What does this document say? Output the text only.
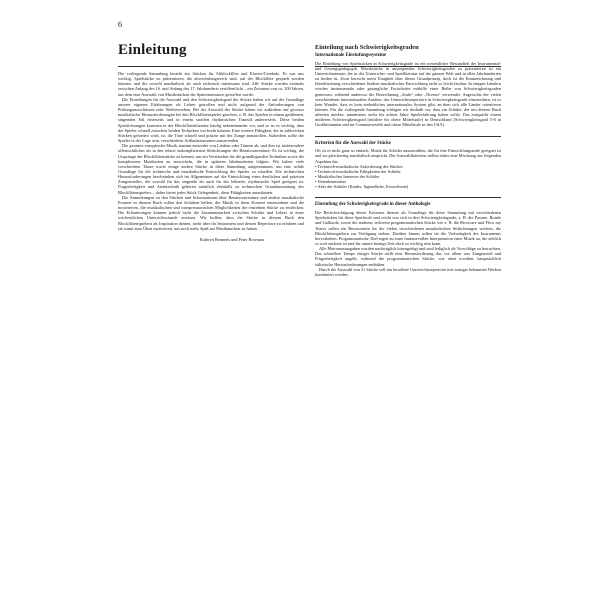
6
Einleitung

Die vorliegende Sammlung besteht aus Stücken für Altblockflöte und Klavier/Cembalo. Es war uns wichtig, Spielstücke zu präsentieren, die abwechslungsreich sind, auf der Blockflöte gespielt werden können, und die sowohl musikalisch als auch technisch interessant sind. Alle Stücke wurden erstmals zwischen Anfang des 16. und Anfang des 17. Jahrhunderts veröffentlicht – ein Zeitraum von ca. 100 Jahren, aus dem eine Auswahl von Musikstücken der Spätrenaissance getroffen wurde.

Die Einteilungen für die Auswahl und den Schwierigkeitsgrad der Stücke haben wir auf der Grundlage unserer eigenen Erfahrungen als Lehrer getroffen und nicht aufgrund der Anforderungen von Prüfungsausschüssen oder Wettbewerben. Bei der Auswahl der Stücke haben wir außerdem auf gewisse musikalische Herausforderungen bei den Blockflötenspieler geachtet, z. B. das Spielen in einem gedehnten, singenden Stil einerseits und in einem straffen rhythmischen Tanzstil andererseits. Diese beiden Spielrichtungen kommen in der Blockflötenliteratur häufig nebeneinander vor, und so ist es wichtig, dass der Spieler schnell zwischen beiden Techniken wechseln können. Eine weitere Fähigkeit, die in zahlreichen Stücken gefordert wird, ist, die Töne schnell und präzise mit der Zunge anzustoßen. Außerdem sollte der Spieler in der Lage sein, verschiedene Artikulationsarten anzuwenden.

Die gesamte europäische Musik stammt entweder von Liedern oder Tänzen ab, und dies ist insbesondere offensichtlicher als in den relativ unkomplizierten Stilrichtungen der Renaissancetänze. Es ist wichtig, die Ursprünge der Blockflötenstücke zu kennen, um ein Verständnis für die grundlegenden Techniken sowie die komplexeren Musikarten zu entwickeln, die in späteren Jahrhunderten folgten. Wir haben viele verschiedene Tänze sowie einige andere Stücke in diese Sammlung aufgenommen, um eine solide Grundlage für die technische und musikalische Entwicklung der Spieler zu schaffen. Die technischen Herausforderungen beschränken sich im Allgemeinen auf die Entwicklung eines deutlichen und präzisen Zungenstoßes, der sowohl für das singende als auch für das lebhafte, rhythmische Spiel geeignet ist. Fingerfertigkeit und Atemtechnik gehören natürlich ebenfalls zu technischen Grundausstattung des Blockflötenspielers – daher bietet jedes Stück Gelegenheit, diese Fähigkeiten auszubauen.

Die Anmerkungen zu den Stücken und Informationen über Renaissancetänze und andere musikalische Formen in diesem Buch sollen den Schülern helfen, die Musik in ihren Kontext einzuordnen und die motivierten, die musikalischen und interpretatorischen Möglichkeiten der einzelnen Stücke zu entdecken. Die Erläuterungen können jedoch nicht die Zusammenarbeit zwischen Schüler und Lehrer in einer wöchentlichen Unterrichtsstunde ersetzen. Wir hoffen, dass die Stücke in diesem Buch den Blockflötenspielern als Inspiration dienen, mehr über ihr Instrument und dessen Repertoire zu erfahren und sie somit zum Üben motivieren, um noch mehr Spaß am Musikmachen zu haben.

Kathryn Bennetts und Peter Bowman
Einteilung nach Schwierigkeitsgraden
Internationale Einstufungssysteme

Die Einteilung von Spielstücken in Schwierigkeitsgrade ist ein wesentlicher Bestandteil der Instrumental- und Gesangspädagogik. Musikstücke in ansteigenden Schwierigkeitsgraden zu präsentieren ist ein Unterrichtsansatz, der in der Unterrichts- und Spielliteratur auf der ganzen Welt und in allen Jahrhunderten zu finden ist. Zwar herrscht meist Einigkeit über dieses Grundprinzip, doch ist die Kennzeichnung und Identifizierung verschiedener Stadien musikalischer Entwicklung nicht so leicht fassbar. In einigen Ländern werden instrumentale oder gesangliche Fortschritte mithilfe einer Reihe von Schwierigkeitsgraden gemessen, während anderswo die Bezeichnung „Stufe“ oder „Niveau“ verwendet. Angesichts der vielen verschiedenen internationalen Ansätze, das Unterrichtsrepertoire in Schwierigkeitsgrade einzuordnen, ist es kein Wunder, dass es kein einheitliches internationales System gibt, an dem sich alle Länder orientieren können. Für die vorliegende Sammlung schlagen wir deshalb vor, dass ein Schüler, der mit diesem Buch arbeiten möchte, mindestens sechs bis achten Jahre Spielerfahrung haben sollte. Das entspricht einem mittleren Schwierigkeitsgrad (mittlere bis obere Mittelstufe) in Deutschland (Schwierigkeitsgrad 5-6 in Großbritannien und im Commonwealth und obere Mittelstufe in den USA).

Kriterien für die Auswahl der Stücke

Oft ist es nicht ganz so einfach, Musik für Schüler auszuwählen, die für ihre Entwicklungsstufe geeignet ist und sie gleichzeitig musikalisch anspricht. Die Auswahlkriterien stellen daher eine Mischung aus folgenden Aspekten dar:

• Technisch-musikalische Anforderung des Stückes
• Technisch-musikalische Fähigkeiten der Schüler
• Musikalisches Interesse der Schüler
• Notenkenntnisse
• Alter der Schüler (Kinder, Jugendliche, Erwachsene)
Einstufung der Schwierigkeitsgrade in dieser Anthologie

Die Berücksichtigung dieser Kriterien dienste als Grundlage für diese Sammlung mit verschiedenen Spielstücken für diese Spielstufe und reicht von sich in drei Schwierigkeitsgrade, z. B. die Pavane, Branle und Galliarde, sowie die anderen, teilweise programmatischen Stücke wie z. B. die Ricercare und Flow my Teares sollen ein Bewusstsein für die vielen verschiedenen musikalischen Stilrichtungen wecken, die Blockflötenspielern zur Verfügung stehen. Darüber hinaus sollen sie die Vielseitigkeit des Instruments hervorheben. Programmatische Titel regen zu einer fantasievollen Interpretation einer Musik an, die zeitlich so weit entfernt ist und für unsere heutige Zeit doch so wichtig sein kann.

Alle Metronomangaben wurden nachträglich hinzugefügt und sind lediglich als Vorschläge zu betrachten. Das schnellere Tempo einiger Stücke stellt eine Herausforderung dar, vor allem was Zungenstoß und Fingerfertigkeit angeht, während die programmatischen Stücke, wie oben erwähnt, hauptsächlich stilistische Herausforderungen enthalten.

Durch die Auswahl von 31 Stücke soll das bewährte Unterrichtsrepertoire mit weniger bekannten Werken kombiniert werden.
